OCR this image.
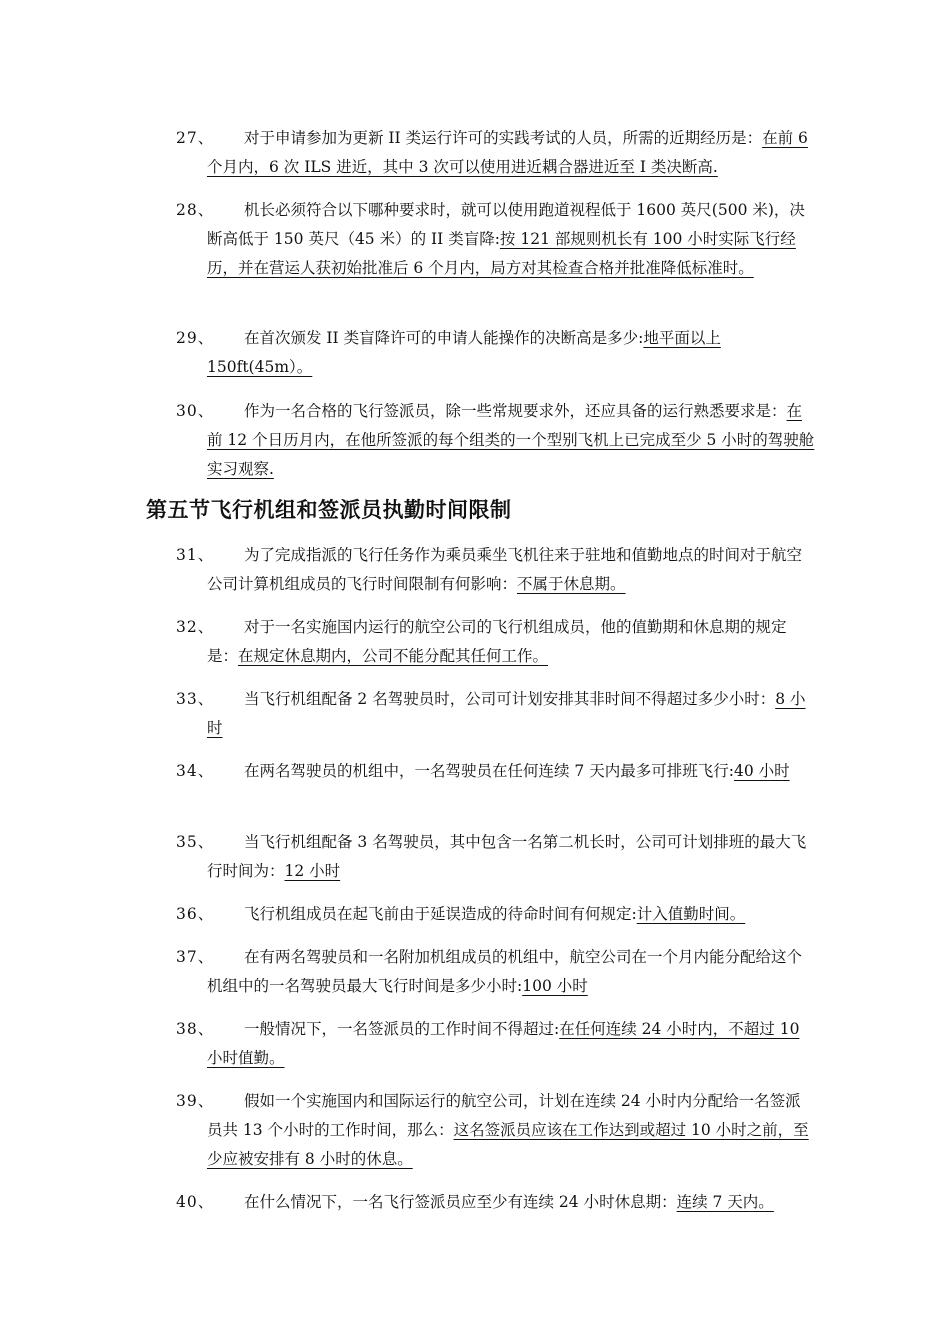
27、	对于申请参加为更新 II 类运行许可的实践考试的人员，所需的近期经历是：在前 6 个月内，6 次 ILS 进近，其中 3 次可以使用进近耦合器进近至 I 类决断高.
28、	机长必须符合以下哪种要求时，就可以使用跑道视程低于 1600 英尺(500 米)，决断高低于 150 英尺（45 米）的 II 类盲降:按 121 部规则机长有 100 小时实际飞行经历，并在营运人获初始批准后 6 个月内，局方对其检查合格并批准降低标准时。
29、	在首次颁发 II 类盲降许可的申请人能操作的决断高是多少:地平面以上 150ft(45m）。
30、	作为一名合格的飞行签派员，除一些常规要求外，还应具备的运行熟悉要求是：在前 12 个日历月内，在他所签派的每个组类的一个型别飞机上已完成至少 5 小时的驾驶舱实习观察.
第五节飞行机组和签派员执勤时间限制
31、	为了完成指派的飞行任务作为乘员乘坐飞机往来于驻地和值勤地点的时间对于航空公司计算机组成员的飞行时间限制有何影响：不属于休息期。
32、	对于一名实施国内运行的航空公司的飞行机组成员，他的值勤期和休息期的规定是：在规定休息期内，公司不能分配其任何工作。
33、	当飞行机组配备 2 名驾驶员时，公司可计划安排其非时间不得超过多少小时：8 小时
34、	在两名驾驶员的机组中，一名驾驶员在任何连续 7 天内最多可排班飞行:40 小时
35、	当飞行机组配备 3 名驾驶员，其中包含一名第二机长时，公司可计划排班的最大飞行时间为：12 小时
36、	飞行机组成员在起飞前由于延误造成的待命时间有何规定:计入值勤时间。
37、	在有两名驾驶员和一名附加机组成员的机组中，航空公司在一个月内能分配给这个机组中的一名驾驶员最大飞行时间是多少小时:100 小时
38、	一般情况下，一名签派员的工作时间不得超过:在任何连续 24 小时内，不超过 10 小时值勤。
39、	假如一个实施国内和国际运行的航空公司，计划在连续 24 小时内分配给一名签派员共 13 个小时的工作时间，那么：这名签派员应该在工作达到或超过 10 小时之前，至少应被安排有 8 小时的休息。
40、	在什么情况下，一名飞行签派员应至少有连续 24 小时休息期：连续 7 天内。
